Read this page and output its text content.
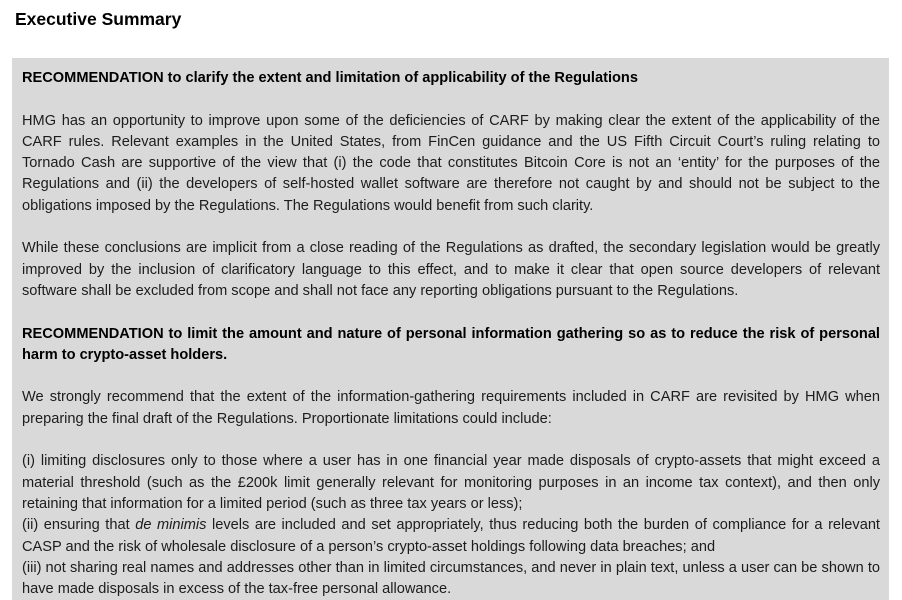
Executive Summary

RECOMMENDATION to clarify the extent and limitation of applicability of the Regulations

HMG has an opportunity to improve upon some of the deficiencies of CARF by making clear the extent of the applicability of the CARF rules. Relevant examples in the United States, from FinCen guidance and the US Fifth Circuit Court’s ruling relating to Tornado Cash are supportive of the view that (i) the code that constitutes Bitcoin Core is not an ‘entity’ for the purposes of the Regulations and (ii) the developers of self-hosted wallet software are therefore not caught by and should not be subject to the obligations imposed by the Regulations. The Regulations would benefit from such clarity.

While these conclusions are implicit from a close reading of the Regulations as drafted, the secondary legislation would be greatly improved by the inclusion of clarificatory language to this effect, and to make it clear that open source developers of relevant software shall be excluded from scope and shall not face any reporting obligations pursuant to the Regulations.

RECOMMENDATION to limit the amount and nature of personal information gathering so as to reduce the risk of personal harm to crypto-asset holders.

We strongly recommend that the extent of the information-gathering requirements included in CARF are revisited by HMG when preparing the final draft of the Regulations. Proportionate limitations could include:

(i) limiting disclosures only to those where a user has in one financial year made disposals of crypto-assets that might exceed a material threshold (such as the £200k limit generally relevant for monitoring purposes in an income tax context), and then only retaining that information for a limited period (such as three tax years or less);

(ii) ensuring that de minimis levels are included and set appropriately, thus reducing both the burden of compliance for a relevant CASP and the risk of wholesale disclosure of a person’s crypto-asset holdings following data breaches; and

(iii) not sharing real names and addresses other than in limited circumstances, and never in plain text, unless a user can be shown to have made disposals in excess of the tax-free personal allowance.
